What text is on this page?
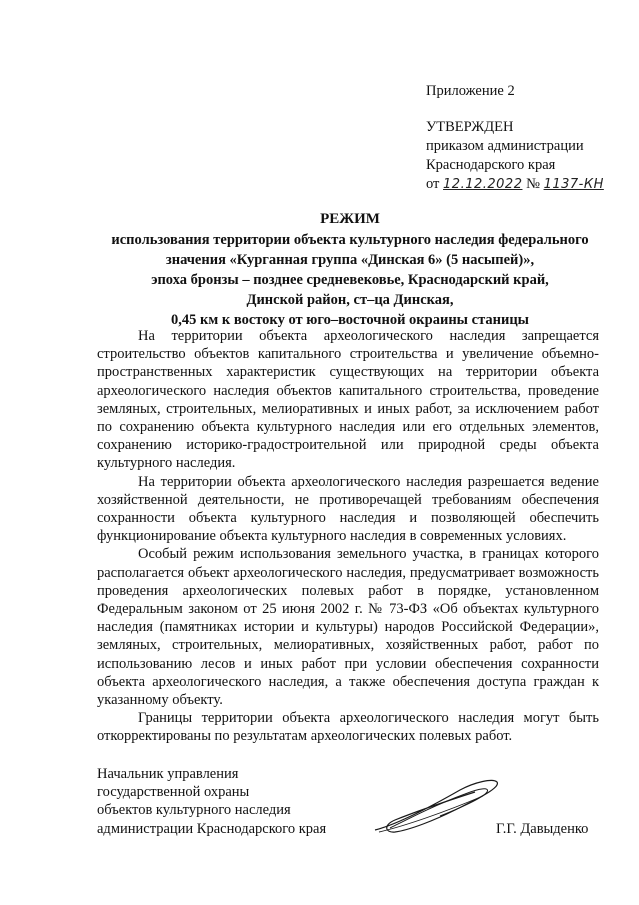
Приложение 2
УТВЕРЖДЕН
приказом администрации
Краснодарского края
от 12.12.2022 № 1137-КН
РЕЖИМ
использования территории объекта культурного наследия федерального
значения «Курганная группа «Динская 6» (5 насыпей)»,
эпоха бронзы – позднее средневековье, Краснодарский край,
Динской район, ст–ца Динская,
0,45 км к востоку от юго–восточной окраины станицы

На территории объекта археологического наследия запрещается строительство объектов капитального строительства и увеличение объемно-пространственных характеристик существующих на территории объекта археологического наследия объектов капитального строительства, проведение земляных, строительных, мелиоративных и иных работ, за исключением работ по сохранению объекта культурного наследия или его отдельных элементов, сохранению историко-градостроительной или природной среды объекта культурного наследия.

На территории объекта археологического наследия разрешается ведение хозяйственной деятельности, не противоречащей требованиям обеспечения сохранности объекта культурного наследия и позволяющей обеспечить функционирование объекта культурного наследия в современных условиях.

Особый режим использования земельного участка, в границах которого располагается объект археологического наследия, предусматривает возможность проведения археологических полевых работ в порядке, установленном Федеральным законом от 25 июня 2002 г. № 73-ФЗ «Об объектах культурного наследия (памятниках истории и культуры) народов Российской Федерации», земляных, строительных, мелиоративных, хозяйственных работ, работ по использованию лесов и иных работ при условии обеспечения сохранности объекта археологического наследия, а также обеспечения доступа граждан к указанному объекту.

Границы территории объекта археологического наследия могут быть откорректированы по результатам археологических полевых работ.

Начальник управления
государственной охраны
объектов культурного наследия
администрации Краснодарского края	Г.Г. Давыденко
